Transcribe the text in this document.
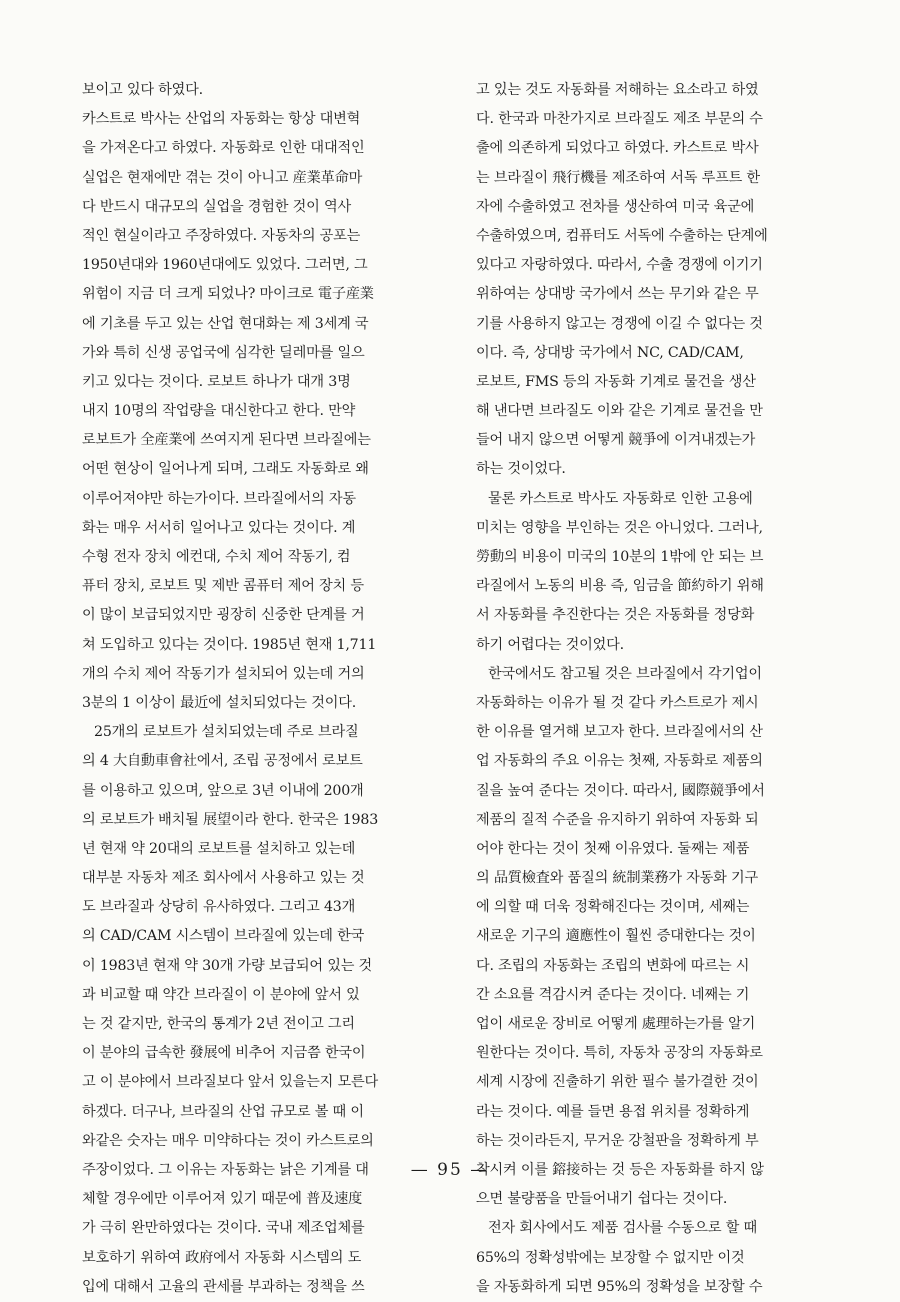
보이고 있다 하였다.
카스트로 박사는 산업의 자동화는 항상 대변혁
을 가져온다고 하였다. 자동화로 인한 대대적인
실업은 현재에만 겪는 것이 아니고 産業革命마
다 반드시 대규모의 실업을 경험한 것이 역사
적인 현실이라고 주장하였다. 자동차의 공포는
1950년대와 1960년대에도 있었다. 그러면, 그
위험이 지금 더 크게 되었나? 마이크로 電子産業
에 기초를 두고 있는 산업 현대화는 제 3세계 국
가와 특히 신생 공업국에 심각한 딜레마를 일으
키고 있다는 것이다. 로보트 하나가 대개 3명
내지 10명의 작업량을 대신한다고 한다. 만약
로보트가 全産業에 쓰여지게 된다면 브라질에는
어떤 현상이 일어나게 되며, 그래도 자동화로 왜
이루어져야만 하는가이다. 브라질에서의 자동
화는 매우 서서히 일어나고 있다는 것이다. 계
수형 전자 장치 에컨대, 수치 제어 작동기, 컴
퓨터 장치, 로보트 및 제반 콤퓨터 제어 장치 등
이 많이 보급되었지만 굉장히 신중한 단계를 거
쳐 도입하고 있다는 것이다. 1985년 현재 1,711
개의 수치 제어 작동기가 설치되어 있는데 거의
3분의 1 이상이 最近에 설치되었다는 것이다.
25개의 로보트가 설치되었는데 주로 브라질
의 4 大自動車會社에서, 조립 공정에서 로보트
를 이용하고 있으며, 앞으로 3년 이내에 200개
의 로보트가 배치될 展望이라 한다. 한국은 1983
년 현재 약 20대의 로보트를 설치하고 있는데
대부분 자동차 제조 회사에서 사용하고 있는 것
도 브라질과 상당히 유사하였다. 그리고 43개
의 CAD/CAM 시스템이 브라질에 있는데 한국
이 1983년 현재 약 30개 가량 보급되어 있는 것
과 비교할 때 약간 브라질이 이 분야에 앞서 있
는 것 같지만, 한국의 통계가 2년 전이고 그리
이 분야의 급속한 發展에 비추어 지금쯤 한국이
고 이 분야에서 브라질보다 앞서 있을는지 모른다
하겠다. 더구나, 브라질의 산업 규모로 볼 때 이
와같은 숫자는 매우 미약하다는 것이 카스트로의
주장이었다. 그 이유는 자동화는 낡은 기계를 대
체할 경우에만 이루어져 있기 때문에 普及速度
가 극히 완만하였다는 것이다. 국내 제조업체를
보호하기 위하여 政府에서 자동화 시스템의 도
입에 대해서 고율의 관세를 부과하는 정책을 쓰
고 있는 것도 자동화를 저해하는 요소라고 하였
다. 한국과 마찬가지로 브라질도 제조 부문의 수
출에 의존하게 되었다고 하였다. 카스트로 박사
는 브라질이 飛行機를 제조하여 서독 루프트 한
자에 수출하였고 전차를 생산하여 미국 육군에
수출하였으며, 컴퓨터도 서독에 수출하는 단계에
있다고 자랑하였다. 따라서, 수출 경쟁에 이기기
위하여는 상대방 국가에서 쓰는 무기와 같은 무
기를 사용하지 않고는 경쟁에 이길 수 없다는 것
이다. 즉, 상대방 국가에서 NC, CAD/CAM,
로보트, FMS 등의 자동화 기계로 물건을 생산
해 낸다면 브라질도 이와 같은 기계로 물건을 만
들어 내지 않으면 어떻게 競爭에 이겨내겠는가
하는 것이었다.
물론 카스트로 박사도 자동화로 인한 고용에
미치는 영향을 부인하는 것은 아니었다. 그러나,
勞動의 비용이 미국의 10분의 1밖에 안 되는 브
라질에서 노동의 비용 즉, 임금을 節約하기 위해
서 자동화를 추진한다는 것은 자동화를 정당화
하기 어렵다는 것이었다.
한국에서도 참고될 것은 브라질에서 각기업이
자동화하는 이유가 될 것 같다 카스트로가 제시
한 이유를 열거해 보고자 한다. 브라질에서의 산
업 자동화의 주요 이유는 첫째, 자동화로 제품의
질을 높여 준다는 것이다. 따라서, 國際競爭에서
제품의 질적 수준을 유지하기 위하여 자동화 되
어야 한다는 것이 첫째 이유였다. 둘째는 제품
의 品質檢査와 품질의 統制業務가 자동화 기구
에 의할 때 더욱 정확해진다는 것이며, 세째는
새로운 기구의 適應性이 훨씬 증대한다는 것이
다. 조립의 자동화는 조립의 변화에 따르는 시
간 소요를 격감시켜 준다는 것이다. 네째는 기
업이 새로운 장비로 어떻게 處理하는가를 알기
원한다는 것이다. 특히, 자동차 공장의 자동화로
세계 시장에 진출하기 위한 필수 불가결한 것이
라는 것이다. 예를 들면 용접 위치를 정확하게
하는 것이라든지, 무거운 강철판을 정확하게 부
착시켜 이를 鎔接하는 것 등은 자동화를 하지 않
으면 불량품을 만들어내기 쉽다는 것이다.
전자 회사에서도 제품 검사를 수동으로 할 때
65%의 정확성밖에는 보장할 수 없지만 이것
을 자동화하게 되면 95%의 정확성을 보장할 수
— 95 —
